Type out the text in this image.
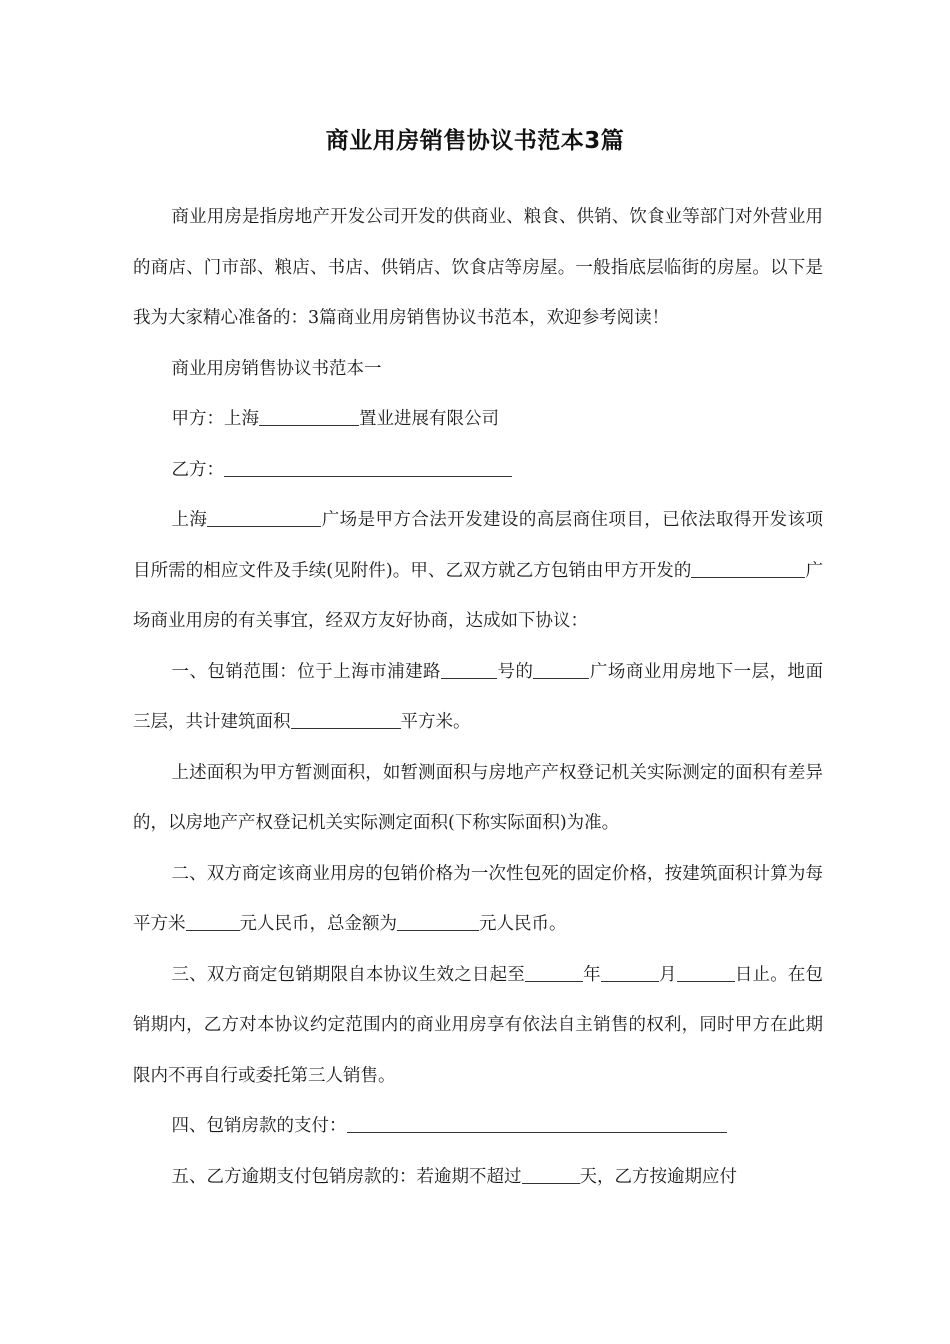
商业用房销售协议书范本3篇

商业用房是指房地产开发公司开发的供商业、粮食、供销、饮食业等部门对外营业用的商店、门市部、粮店、书店、供销店、饮食店等房屋。一般指底层临街的房屋。以下是我为大家精心准备的：3篇商业用房销售协议书范本，欢迎参考阅读！

商业用房销售协议书范本一

甲方：上海	置业进展有限公司

乙方：

上海	广场是甲方合法开发建设的高层商住项目，已依法取得开发该项目所需的相应文件及手续(见附件)。甲、乙双方就乙方包销由甲方开发的	广场商业用房的有关事宜，经双方友好协商，达成如下协议：

一、包销范围：位于上海市浦建路	号的	广场商业用房地下一层，地面三层，共计建筑面积	平方米。

上述面积为甲方暂测面积，如暂测面积与房地产产权登记机关实际测定的面积有差异的，以房地产产权登记机关实际测定面积(下称实际面积)为准。

二、双方商定该商业用房的包销价格为一次性包死的固定价格，按建筑面积计算为每平方米	元人民币，总金额为	元人民币。

三、双方商定包销期限自本协议生效之日起至	年	月	日止。在包销期内，乙方对本协议约定范围内的商业用房享有依法自主销售的权利，同时甲方在此期限内不再自行或委托第三人销售。

四、包销房款的支付：

五、乙方逾期支付包销房款的：若逾期不超过	天，乙方按逾期应付
